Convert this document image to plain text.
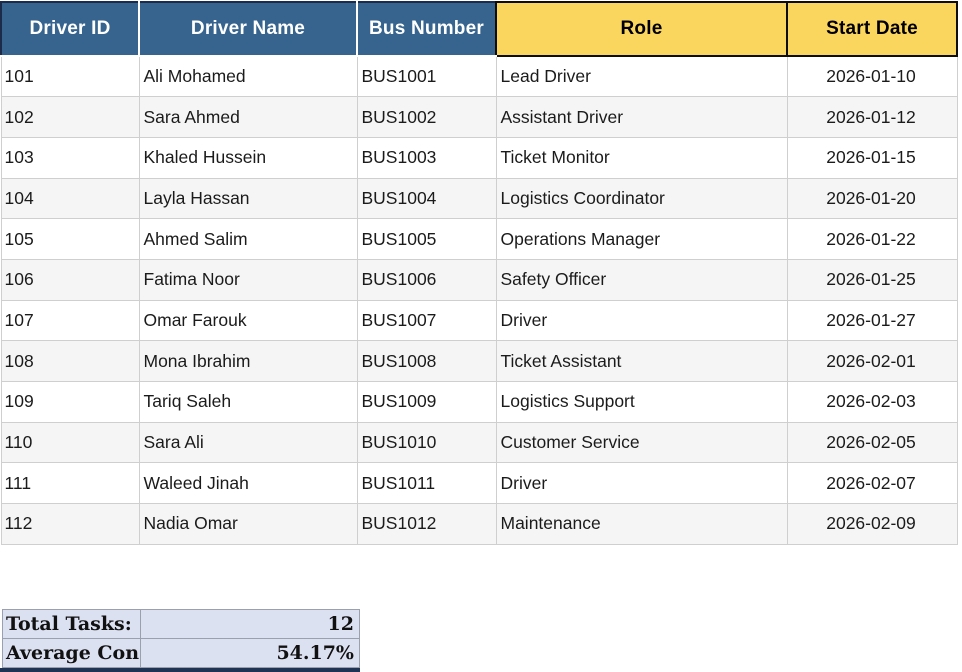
Driver ID	Driver Name	Bus Number	Role	Start Date
101	Ali Mohamed	BUS1001	Lead Driver	2026-01-10
102	Sara Ahmed	BUS1002	Assistant Driver	2026-01-12
103	Khaled Hussein	BUS1003	Ticket Monitor	2026-01-15
104	Layla Hassan	BUS1004	Logistics Coordinator	2026-01-20
105	Ahmed Salim	BUS1005	Operations Manager	2026-01-22
106	Fatima Noor	BUS1006	Safety Officer	2026-01-25
107	Omar Farouk	BUS1007	Driver	2026-01-27
108	Mona Ibrahim	BUS1008	Ticket Assistant	2026-02-01
109	Tariq Saleh	BUS1009	Logistics Support	2026-02-03
110	Sara Ali	BUS1010	Customer Service	2026-02-05
111	Waleed Jinah	BUS1011	Driver	2026-02-07
112	Nadia Omar	BUS1012	Maintenance	2026-02-09
Total Tasks:	12
Average Con	54.17%
